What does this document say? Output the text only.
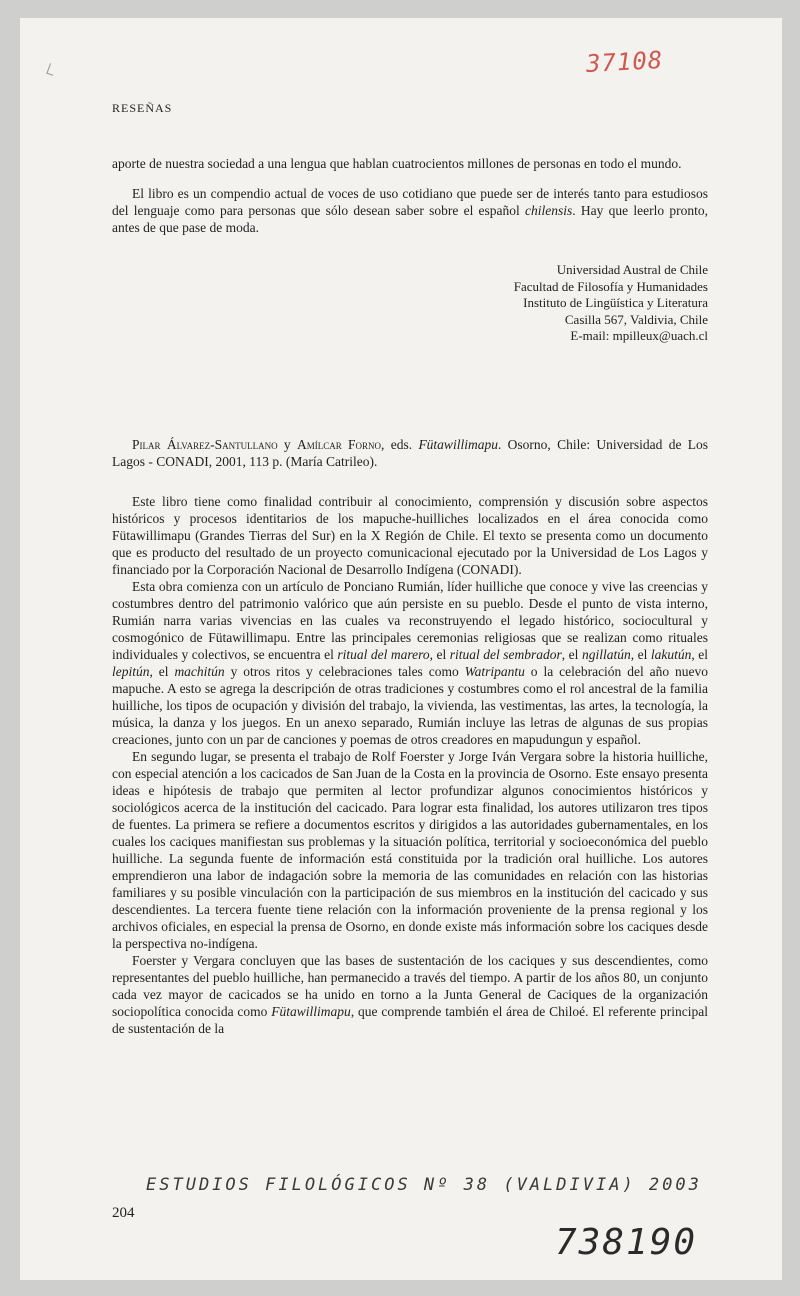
37108
RESEÑAS

aporte de nuestra sociedad a una lengua que hablan cuatrocientos millones de personas en todo el mundo.

El libro es un compendio actual de voces de uso cotidiano que puede ser de interés tanto para estudiosos del lenguaje como para personas que sólo desean saber sobre el español chilensis. Hay que leerlo pronto, antes de que pase de moda.

Universidad Austral de Chile
Facultad de Filosofía y Humanidades
Instituto de Lingüística y Literatura
Casilla 567, Valdivia, Chile
E-mail: mpilleux@uach.cl
Pilar Álvarez-Santullano y Amílcar Forno, eds. Fütawillimapu. Osorno, Chile: Universidad de Los Lagos - CONADI, 2001, 113 p. (María Catrileo).

Este libro tiene como finalidad contribuir al conocimiento, comprensión y discusión sobre aspectos históricos y procesos identitarios de los mapuche-huilliches localizados en el área conocida como Fütawillimapu (Grandes Tierras del Sur) en la X Región de Chile. El texto se presenta como un documento que es producto del resultado de un proyecto comunicacional ejecutado por la Universidad de Los Lagos y financiado por la Corporación Nacional de Desarrollo Indígena (CONADI).

Esta obra comienza con un artículo de Ponciano Rumián, líder huilliche que conoce y vive las creencias y costumbres dentro del patrimonio valórico que aún persiste en su pueblo. Desde el punto de vista interno, Rumián narra varias vivencias en las cuales va reconstruyendo el legado histórico, sociocultural y cosmogónico de Fütawillimapu. Entre las principales ceremonias religiosas que se realizan como rituales individuales y colectivos, se encuentra el ritual del marero, el ritual del sembrador, el ngillatún, el lakutún, el lepitún, el machitún y otros ritos y celebraciones tales como Watripantu o la celebración del año nuevo mapuche. A esto se agrega la descripción de otras tradiciones y costumbres como el rol ancestral de la familia huilliche, los tipos de ocupación y división del trabajo, la vivienda, las vestimentas, las artes, la tecnología, la música, la danza y los juegos. En un anexo separado, Rumián incluye las letras de algunas de sus propias creaciones, junto con un par de canciones y poemas de otros creadores en mapudungun y español.

En segundo lugar, se presenta el trabajo de Rolf Foerster y Jorge Iván Vergara sobre la historia huilliche, con especial atención a los cacicados de San Juan de la Costa en la provincia de Osorno. Este ensayo presenta ideas e hipótesis de trabajo que permiten al lector profundizar algunos conocimientos históricos y sociológicos acerca de la institución del cacicado. Para lograr esta finalidad, los autores utilizaron tres tipos de fuentes. La primera se refiere a documentos escritos y dirigidos a las autoridades gubernamentales, en los cuales los caciques manifiestan sus problemas y la situación política, territorial y socioeconómica del pueblo huilliche. La segunda fuente de información está constituida por la tradición oral huilliche. Los autores emprendieron una labor de indagación sobre la memoria de las comunidades en relación con las historias familiares y su posible vinculación con la participación de sus miembros en la institución del cacicado y sus descendientes. La tercera fuente tiene relación con la información proveniente de la prensa regional y los archivos oficiales, en especial la prensa de Osorno, en donde existe más información sobre los caciques desde la perspectiva no-indígena.

Foerster y Vergara concluyen que las bases de sustentación de los caciques y sus descendientes, como representantes del pueblo huilliche, han permanecido a través del tiempo. A partir de los años 80, un conjunto cada vez mayor de cacicados se ha unido en torno a la Junta General de Caciques de la organización sociopolítica conocida como Fütawillimapu, que comprende también el área de Chiloé. El referente principal de sustentación de la

ESTUDIOS FILOLÓGICOS Nº 38 (VALDIVIA) 2003
204
738190
